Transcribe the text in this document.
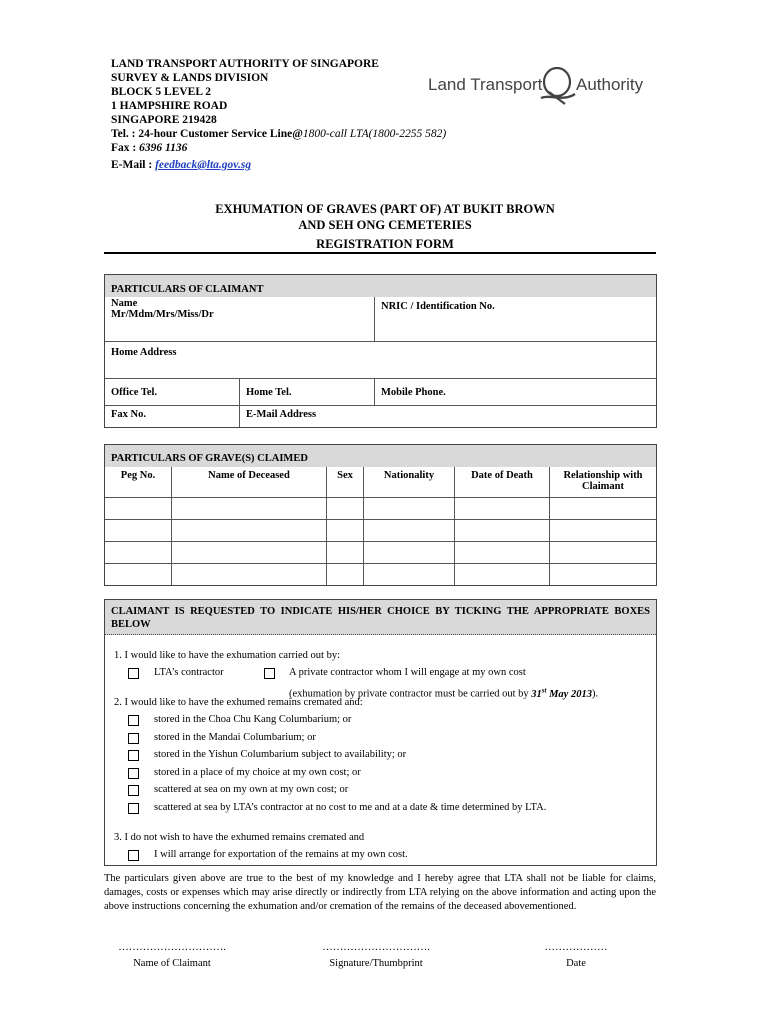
LAND TRANSPORT AUTHORITY OF SINGAPORE
SURVEY & LANDS DIVISION
BLOCK 5 LEVEL 2
1 HAMPSHIRE ROAD
SINGAPORE 219428
Tel. : 24-hour Customer Service Line@1800-call LTA(1800-2255 582)
Fax : 6396 1136
E-Mail : feedback@lta.gov.sg
Land Transport Authority
EXHUMATION OF GRAVES (PART OF) AT BUKIT BROWN
AND SEH ONG CEMETERIES
REGISTRATION FORM
PARTICULARS OF CLAIMANT
Name
Mr/Mdm/Mrs/Miss/Dr		NRIC / Identification No.
Home Address		
Office Tel.	Home Tel.	Mobile Phone.
Fax No.	E-Mail Address	
PARTICULARS OF GRAVE(S) CLAIMED
Peg No.	Name of Deceased	Sex	Nationality	Date of Death	Relationship with Claimant

CLAIMANT IS REQUESTED TO INDICATE HIS/HER CHOICE BY TICKING THE APPROPRIATE BOXES BELOW
1. I would like to have the exhumation carried out by:
LTA’s contractor	A private contractor whom I will engage at my own cost
(exhumation by private contractor must be carried out by 31st May 2013).
2. I would like to have the exhumed remains cremated and:
stored in the Choa Chu Kang Columbarium; or
stored in the Mandai Columbarium; or
stored in the Yishun Columbarium subject to availability; or
stored in a place of my choice at my own cost; or
scattered at sea on my own at my own cost; or
scattered at sea by LTA’s contractor at no cost to me and at a date & time determined by LTA.
3. I do not wish to have the exhumed remains cremated and
I will arrange for exportation of the remains at my own cost.
The particulars given above are true to the best of my knowledge and I hereby agree that LTA shall not be liable for claims, damages, costs or expenses which may arise directly or indirectly from LTA relying on the above information and acting upon the above instructions concerning the exhumation and/or cremation of the remains of the deceased abovementioned.
………………………….
Name of Claimant
………………………….
Signature/Thumbprint
………………
Date
